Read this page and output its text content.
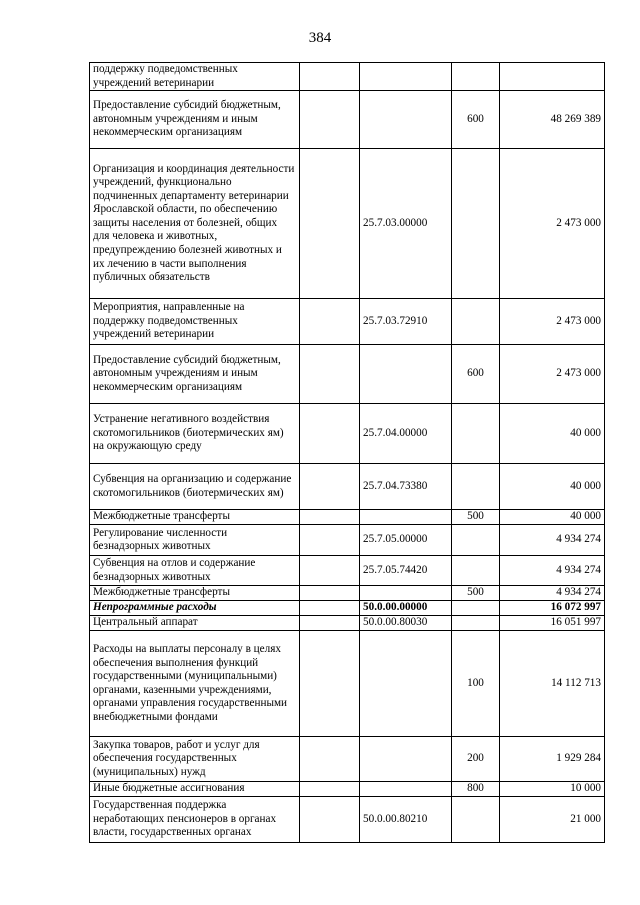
384
поддержку подведомственных учреждений ветеринарии				
Предоставление субсидий бюджетным, автономным учреждениям и иным некоммерческим организациям			600	48 269 389
Организация и координация деятельности учреждений, функционально подчиненных департаменту ветеринарии Ярославской области, по обеспечению защиты населения от болезней, общих для человека и животных, предупреждению болезней животных и их лечению в части выполнения публичных обязательств		25.7.03.00000		2 473 000
Мероприятия, направленные на поддержку подведомственных учреждений ветеринарии		25.7.03.72910		2 473 000
Предоставление субсидий бюджетным, автономным учреждениям и иным некоммерческим организациям			600	2 473 000
Устранение негативного воздействия скотомогильников (биотермических ям) на окружающую среду		25.7.04.00000		40 000
Субвенция на организацию и содержание скотомогильников (биотермических ям)		25.7.04.73380		40 000
Межбюджетные трансферты			500	40 000
Регулирование численности безнадзорных животных		25.7.05.00000		4 934 274
Субвенция на отлов и содержание безнадзорных животных		25.7.05.74420		4 934 274
Межбюджетные трансферты			500	4 934 274
Непрограммные расходы		50.0.00.00000		16 072 997
Центральный аппарат		50.0.00.80030		16 051 997
Расходы на выплаты персоналу в целях обеспечения выполнения функций государственными (муниципальными) органами, казенными учреждениями, органами управления государственными внебюджетными фондами			100	14 112 713
Закупка товаров, работ и услуг для обеспечения государственных (муниципальных) нужд			200	1 929 284
Иные бюджетные ассигнования			800	10 000
Государственная поддержка неработающих пенсионеров в органах власти, государственных органах		50.0.00.80210		21 000
